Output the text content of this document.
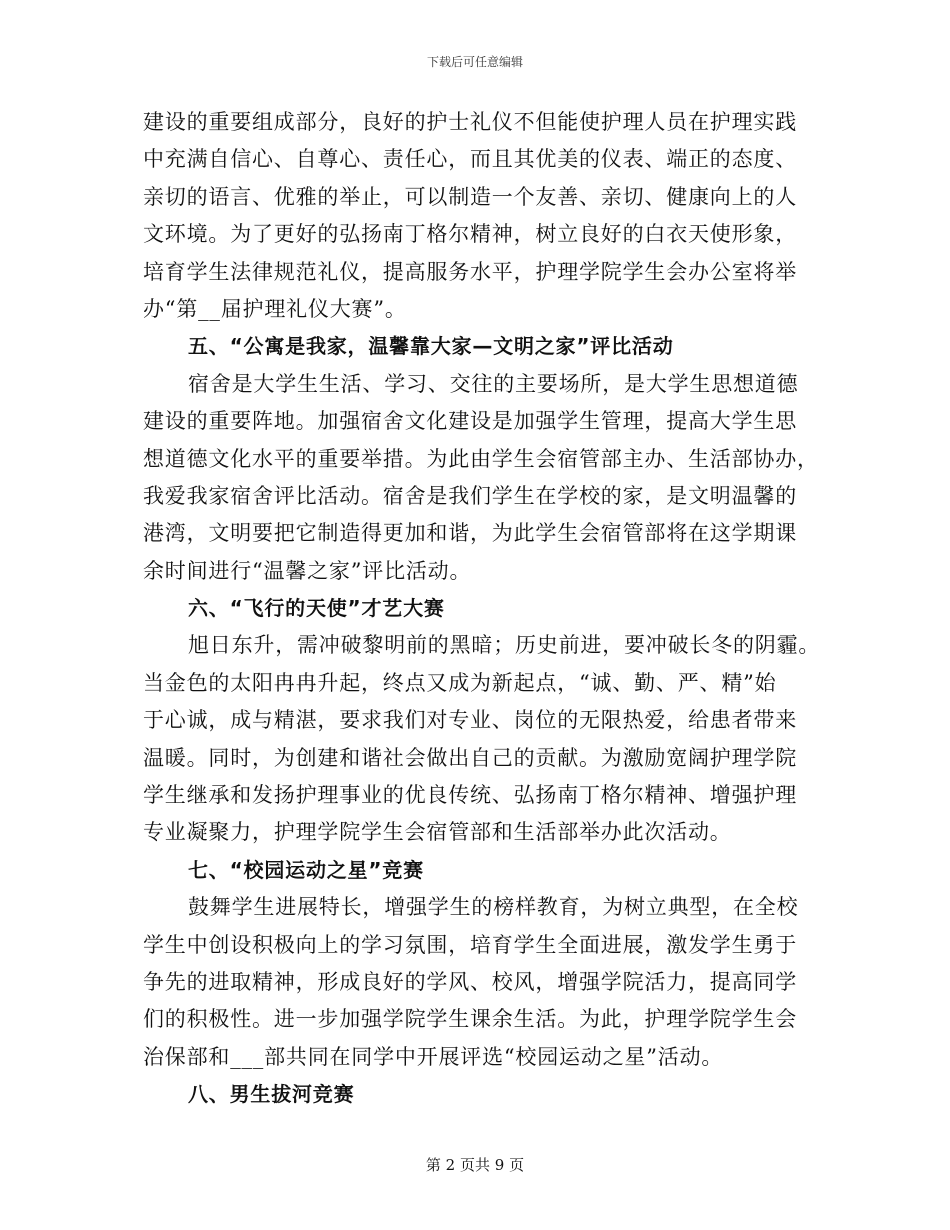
下载后可任意编辑
建设的重要组成部分，良好的护士礼仪不但能使护理人员在护理实践
中充满自信心、自尊心、责任心，而且其优美的仪表、端正的态度、
亲切的语言、优雅的举止，可以制造一个友善、亲切、健康向上的人
文环境。为了更好的弘扬南丁格尔精神，树立良好的白衣天使形象，
培育学生法律规范礼仪，提高服务水平，护理学院学生会办公室将举
办“第__届护理礼仪大赛”。
五、“公寓是我家，温馨靠大家—文明之家”评比活动
宿舍是大学生生活、学习、交往的主要场所，是大学生思想道德
建设的重要阵地。加强宿舍文化建设是加强学生管理，提高大学生思
想道德文化水平的重要举措。为此由学生会宿管部主办、生活部协办，
我爱我家宿舍评比活动。宿舍是我们学生在学校的家，是文明温馨的
港湾，文明要把它制造得更加和谐，为此学生会宿管部将在这学期课
余时间进行“温馨之家”评比活动。
六、“飞行的天使”才艺大赛
旭日东升，需冲破黎明前的黑暗；历史前进，要冲破长冬的阴霾。
当金色的太阳冉冉升起，终点又成为新起点，“诚、勤、严、精”始
于心诚，成与精湛，要求我们对专业、岗位的无限热爱，给患者带来
温暖。同时，为创建和谐社会做出自己的贡献。为激励宽阔护理学院
学生继承和发扬护理事业的优良传统、弘扬南丁格尔精神、增强护理
专业凝聚力，护理学院学生会宿管部和生活部举办此次活动。
七、“校园运动之星”竞赛
鼓舞学生进展特长，增强学生的榜样教育，为树立典型，在全校
学生中创设积极向上的学习氛围，培育学生全面进展，激发学生勇于
争先的进取精神，形成良好的学风、校风，增强学院活力，提高同学
们的积极性。进一步加强学院学生课余生活。为此，护理学院学生会
治保部和___部共同在同学中开展评选“校园运动之星”活动。
八、男生拔河竞赛
第 2 页共 9 页
